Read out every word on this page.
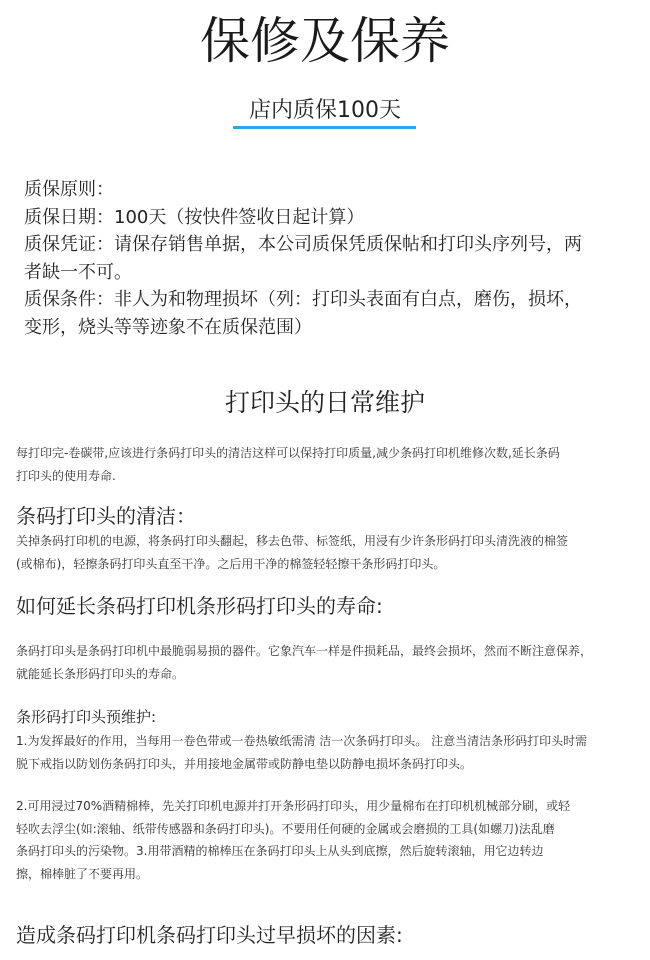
保修及保养
店内质保100天

质保原则：

质保日期：100天（按快件签收日起计算）

质保凭证：请保存销售单据，本公司质保凭质保帖和打印头序列号，两

者缺一不可。

质保条件：非人为和物理损坏（列：打印头表面有白点，磨伤，损坏，

变形，烧头等等迹象不在质保范围）

打印头的日常维护

每打印完-卷碳带,应该进行条码打印头的清洁这样可以保持打印质量,减少条码打印机维修次数,延长条码

打印头的使用寿命.

条码打印头的清洁：

关掉条码打印机的电源，将条码打印头翻起，移去色带、标签纸，用浸有少许条形码打印头清洗液的棉签

(或棉布)，轻擦条码打印头直至干净。之后用干净的棉签轻轻擦干条形码打印头。

如何延长条码打印机条形码打印头的寿命:

条码打印头是条码打印机中最脆弱易损的器件。它象汽车一样是件损耗品，最终会损坏，然而不断注意保养，

就能延长条形码打印头的寿命。

条形码打印头预维护:

1.为发挥最好的作用，当每用一卷色带或一卷热敏纸需清 洁一次条码打印头。 注意当清洁条形码打印头时需

脱下戒指以防划伤条码打印头，并用接地金属带或防静电垫以防静电损坏条码打印头。

2.可用浸过70%酒精棉棒，先关打印机电源并打开条形码打印头，用少量棉布在打印机机械部分刷，或轻

轻吹去浮尘(如:滚轴、纸带传感器和条码打印头)。不要用任何硬的金属或会磨损的工具(如螺刀)法乱磨

条码打印头的污染物。3.用带酒精的棉棒压在条码打印头上从头到底擦，然后旋转滚轴，用它边转边

擦，棉棒脏了不要再用。

造成条码打印机条码打印头过早损坏的因素:
